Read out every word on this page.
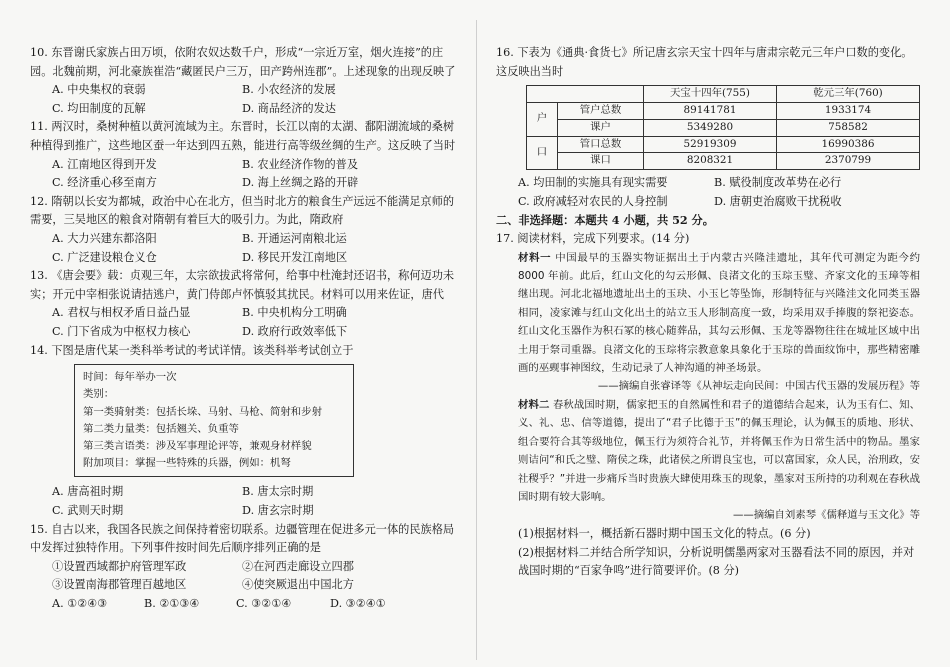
10. 东晋谢氏家族占田万顷，依附农奴达数千户，形成“一宗近万室，烟火连接”的庄园。北魏前期，河北豪族崔浩“藏匿民户三万，田产跨州连郡”。上述现象的出现反映了

A. 中央集权的衰弱	B. 小农经济的发展
C. 均田制度的瓦解	D. 商品经济的发达

11. 两汉时，桑树种植以黄河流域为主。东晋时，长江以南的太湖、鄱阳湖流域的桑树种植得到推广，这些地区蚕一年达到四五熟，能进行高等级丝绸的生产。这反映了当时

A. 江南地区得到开发	B. 农业经济作物的普及
C. 经济重心移至南方	D. 海上丝绸之路的开辟

12. 隋朝以长安为都城，政治中心在北方，但当时北方的粮食生产远远不能满足京师的需要，三吴地区的粮食对隋朝有着巨大的吸引力。为此，隋政府

A. 大力兴建东都洛阳	B. 开通运河南粮北运
C. 广泛建设粮仓义仓	D. 移民开发江南地区

13. 《唐会要》载：贞观三年，太宗欲拔武将常何，给事中杜淹封还诏书，称何迈功未实；开元中宰相张说请拮逃户，黄门侍郎卢怀慎驳其扰民。材料可以用来佐证，唐代

A. 君权与相权矛盾日益凸显	B. 中央机构分工明确
C. 门下省成为中枢权力核心	D. 政府行政效率低下

14. 下图是唐代某一类科举考试的考试详情。该类科举考试创立于

时间：每年举办一次
类别：
第一类骑射类：包括长垛、马射、马枪、简射和步射
第二类力量类：包括翘关、负重等
第三类言语类：涉及军事理论评等，兼观身材样貌
附加项目：掌握一些特殊的兵器，例如：机弩
A. 唐高祖时期	B. 唐太宗时期
C. 武则天时期	D. 唐玄宗时期

15. 自古以来，我国各民族之间保持着密切联系。边疆管理在促进多元一体的民族格局中发挥过独特作用。下列事件按时间先后顺序排列正确的是

①设置西域都护府管理军政	②在河西走廊设立四郡
③设置南海郡管理百越地区	④使突厥退出中国北方
A. ①②④③	B. ②①③④	C. ③②①④	D. ③②④①

16. 下表为《通典·食货七》所记唐玄宗天宝十四年与唐肃宗乾元三年户口数的变化。这反映出当时

		天宝十四年(755)	乾元三年(760)
户	管户总数	89141781	1933174
	课户	5349280	758582
口	管口总数	52919309	16990386
	课口	8208321	2370799
A. 均田制的实施具有现实需要	B. 赋役制度改革势在必行
C. 政府减轻对农民的人身控制	D. 唐朝吏治腐败干扰税收

二、非选择题：本题共 4 小题，共 52 分。

17. 阅读材料，完成下列要求。(14 分)

材料一 中国最早的玉器实物证据出土于内蒙古兴隆洼遗址，其年代可测定为距今约 8000 年前。此后，红山文化的勾云形佩、良渚文化的玉琮玉璧、齐家文化的玉璋等相继出现。河北北福地遗址出土的玉玦、小玉匕等坠饰，形制特征与兴隆洼文化同类玉器相同，凌家滩与红山文化出土的站立玉人形制高度一致，均采用双手捧腹的祭祀姿态。红山文化玉器作为积石冢的核心随葬品，其勾云形佩、玉龙等器物往往在城址区域中出土用于祭司重器。良渚文化的玉琮将宗教意象具象化于玉琮的兽面纹饰中，那些精密雕画的巫觋事神图纹，生动记录了人神沟通的神圣场景。

——摘编自张睿译等《从神坛走向民间：中国古代玉器的发展历程》等

材料二 春秋战国时期，儒家把玉的自然属性和君子的道德结合起来，认为玉有仁、知、义、礼、忠、信等道德，提出了“君子比德于玉”的佩玉理论，认为佩玉的质地、形状、组合要符合其等级地位，佩玉行为须符合礼节，并将佩玉作为日常生活中的物品。墨家则诘问“和氏之璧、隋侯之珠，此诸侯之所谓良宝也，可以富国家，众人民，治刑政，安社稷乎？”并进一步痛斥当时贵族大肆使用珠玉的现象，墨家对玉所持的功利观在春秋战国时期有较大影响。

——摘编自刘素琴《儒释道与玉文化》等

(1)根据材料一，概括新石器时期中国玉文化的特点。(6 分)

(2)根据材料二并结合所学知识，分析说明儒墨两家对玉器看法不同的原因，并对战国时期的“百家争鸣”进行简要评价。(8 分)
